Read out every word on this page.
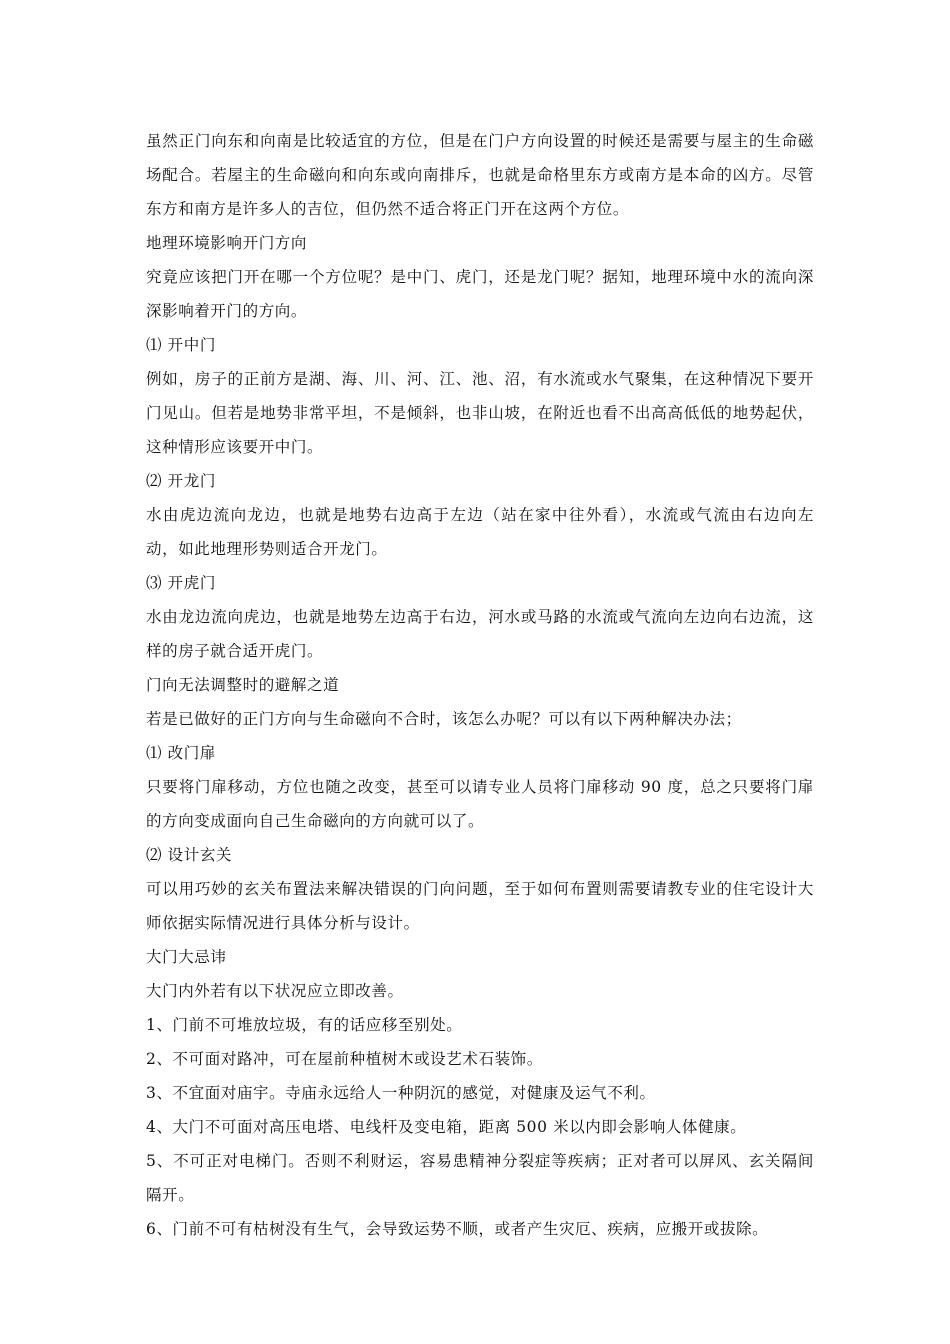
虽然正门向东和向南是比较适宜的方位，但是在门户方向设置的时候还是需要与屋主的生命磁场配合。若屋主的生命磁向和向东或向南排斥，也就是命格里东方或南方是本命的凶方。尽管东方和南方是许多人的吉位，但仍然不适合将正门开在这两个方位。

地理环境影响开门方向

究竟应该把门开在哪一个方位呢？是中门、虎门，还是龙门呢？据知，地理环境中水的流向深深影响着开门的方向。

⑴ 开中门

例如，房子的正前方是湖、海、川、河、江、池、沼，有水流或水气聚集，在这种情况下要开门见山。但若是地势非常平坦，不是倾斜，也非山坡，在附近也看不出高高低低的地势起伏，这种情形应该要开中门。

⑵ 开龙门

水由虎边流向龙边，也就是地势右边高于左边（站在家中往外看），水流或气流由右边向左动，如此地理形势则适合开龙门。

⑶ 开虎门

水由龙边流向虎边，也就是地势左边高于右边，河水或马路的水流或气流向左边向右边流，这样的房子就合适开虎门。

门向无法调整时的避解之道

若是已做好的正门方向与生命磁向不合时，该怎么办呢？可以有以下两种解决办法；

⑴ 改门扉

只要将门扉移动，方位也随之改变，甚至可以请专业人员将门扉移动 90 度，总之只要将门扉的方向变成面向自己生命磁向的方向就可以了。

⑵ 设计玄关

可以用巧妙的玄关布置法来解决错误的门向问题，至于如何布置则需要请教专业的住宅设计大师依据实际情况进行具体分析与设计。

大门大忌讳

大门内外若有以下状况应立即改善。

1、门前不可堆放垃圾，有的话应移至别处。

2、不可面对路冲，可在屋前种植树木或设艺术石装饰。

3、不宜面对庙宇。寺庙永远给人一种阴沉的感觉，对健康及运气不利。

4、大门不可面对高压电塔、电线杆及变电箱，距离 500 米以内即会影响人体健康。

5、不可正对电梯门。否则不利财运，容易患精神分裂症等疾病；正对者可以屏风、玄关隔间隔开。

6、门前不可有枯树没有生气，会导致运势不顺，或者产生灾厄、疾病，应搬开或拔除。
